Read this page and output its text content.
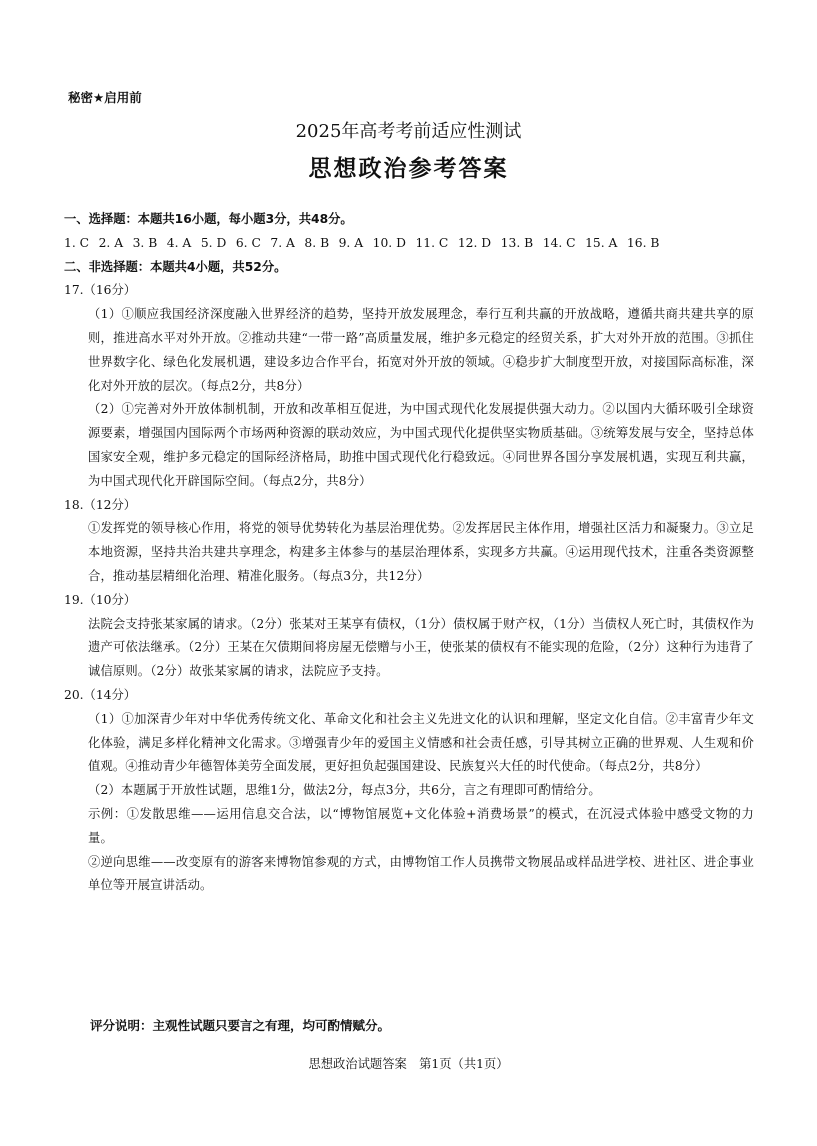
秘密★启用前
2025年高考考前适应性测试
思想政治参考答案
一、选择题：本题共16小题，每小题3分，共48分。
1. C 2. A 3. B 4. A 5. D 6. C 7. A 8. B 9. A 10. D 11. C 12. D 13. B 14. C 15. A 16. B
二、非选择题：本题共4小题，共52分。
17.（16分）
（1）①顺应我国经济深度融入世界经济的趋势，坚持开放发展理念，奉行互利共赢的开放战略，遵循共商共建共享的原则，推进高水平对外开放。②推动共建“一带一路”高质量发展，维护多元稳定的经贸关系，扩大对外开放的范围。③抓住世界数字化、绿色化发展机遇，建设多边合作平台，拓宽对外开放的领域。④稳步扩大制度型开放，对接国际高标准，深化对外开放的层次。（每点2分，共8分）
（2）①完善对外开放体制机制，开放和改革相互促进，为中国式现代化发展提供强大动力。②以国内大循环吸引全球资源要素，增强国内国际两个市场两种资源的联动效应，为中国式现代化提供坚实物质基础。③统筹发展与安全，坚持总体国家安全观，维护多元稳定的国际经济格局，助推中国式现代化行稳致远。④同世界各国分享发展机遇，实现互利共赢，为中国式现代化开辟国际空间。（每点2分，共8分）
18.（12分）
①发挥党的领导核心作用，将党的领导优势转化为基层治理优势。②发挥居民主体作用，增强社区活力和凝聚力。③立足本地资源，坚持共治共建共享理念，构建多主体参与的基层治理体系，实现多方共赢。④运用现代技术，注重各类资源整合，推动基层精细化治理、精准化服务。（每点3分，共12分）
19.（10分）
法院会支持张某家属的请求。（2分）张某对王某享有债权，（1分）债权属于财产权，（1分）当债权人死亡时，其债权作为遗产可依法继承。（2分）王某在欠债期间将房屋无偿赠与小王，使张某的债权有不能实现的危险，（2分）这种行为违背了诚信原则。（2分）故张某家属的请求，法院应予支持。
20.（14分）
（1）①加深青少年对中华优秀传统文化、革命文化和社会主义先进文化的认识和理解，坚定文化自信。②丰富青少年文化体验，满足多样化精神文化需求。③增强青少年的爱国主义情感和社会责任感，引导其树立正确的世界观、人生观和价值观。④推动青少年德智体美劳全面发展，更好担负起强国建设、民族复兴大任的时代使命。（每点2分，共8分）
（2）本题属于开放性试题，思维1分，做法2分，每点3分，共6分，言之有理即可酌情给分。
示例：①发散思维——运用信息交合法，以“博物馆展览+文化体验+消费场景”的模式，在沉浸式体验中感受文物的力量。
②逆向思维——改变原有的游客来博物馆参观的方式，由博物馆工作人员携带文物展品或样品进学校、进社区、进企事业单位等开展宣讲活动。
评分说明：主观性试题只要言之有理，均可酌情赋分。
思想政治试题答案　第1页（共1页）
